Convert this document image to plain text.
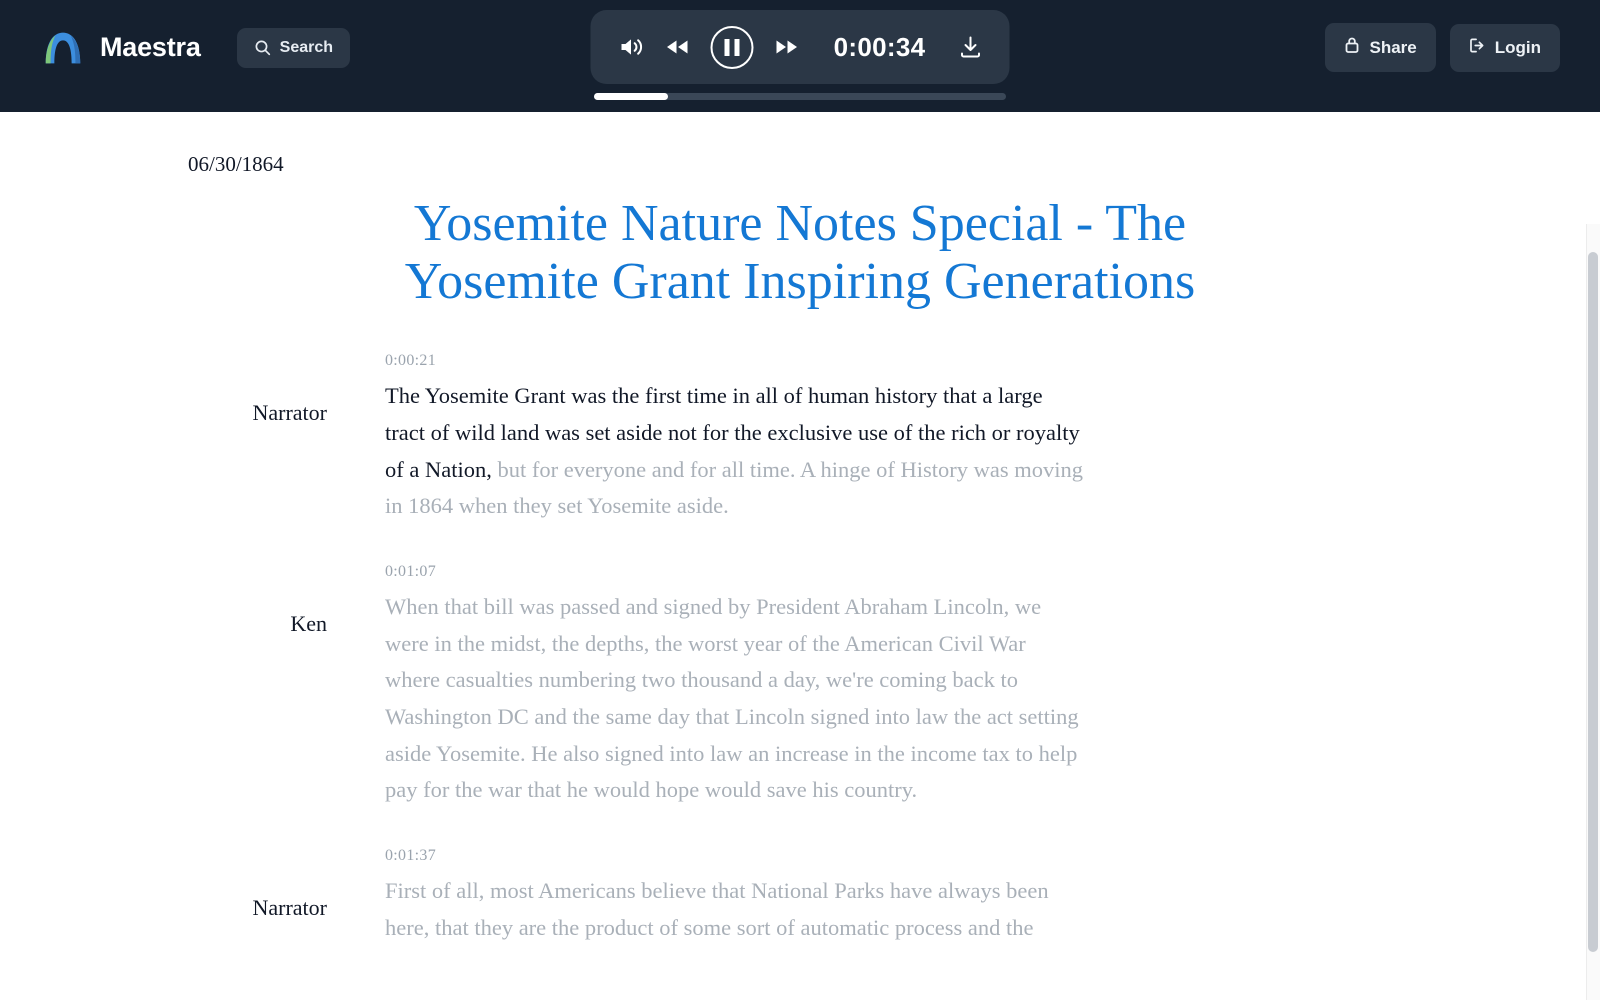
Maestra	Search	Share	Login
0:00:34
06/30/1864
Yosemite Nature Notes Special - The Yosemite Grant Inspiring Generations
Narrator
0:00:21
The Yosemite Grant was the first time in all of human history that a large tract of wild land was set aside not for the exclusive use of the rich or royalty of a Nation, but for everyone and for all time. A hinge of History was moving in 1864 when they set Yosemite aside.
Ken
0:01:07
When that bill was passed and signed by President Abraham Lincoln, we were in the midst, the depths, the worst year of the American Civil War where casualties numbering two thousand a day, we're coming back to Washington DC and the same day that Lincoln signed into law the act setting aside Yosemite. He also signed into law an increase in the income tax to help pay for the war that he would hope would save his country.
Narrator
0:01:37
First of all, most Americans believe that National Parks have always been here, that they are the product of some sort of automatic process and the
